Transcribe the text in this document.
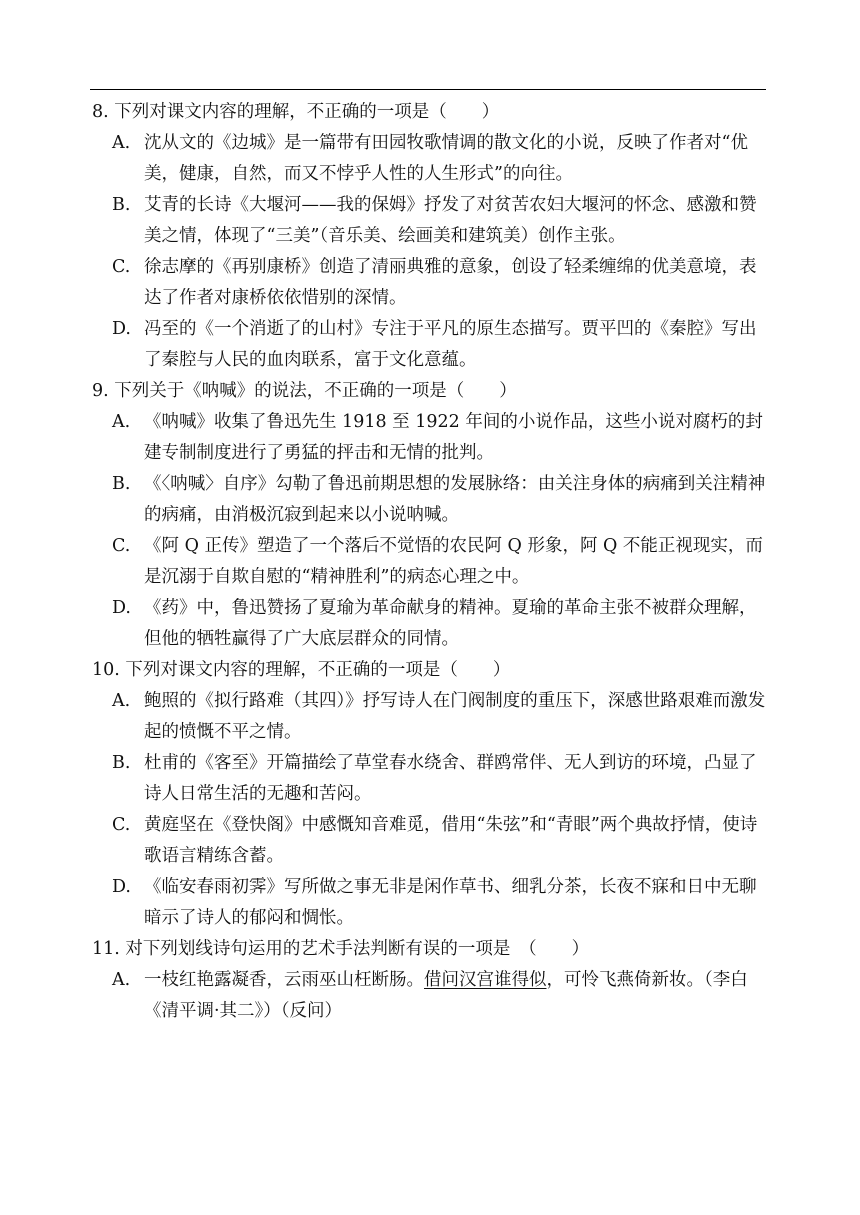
8. 下列对课文内容的理解，不正确的一项是（　　）
A. 沈从文的《边城》是一篇带有田园牧歌情调的散文化的小说，反映了作者对“优美，健康，自然，而又不悖乎人性的人生形式”的向往。
B. 艾青的长诗《大堰河——我的保姆》抒发了对贫苦农妇大堰河的怀念、感激和赞美之情，体现了“三美”（音乐美、绘画美和建筑美）创作主张。
C. 徐志摩的《再别康桥》创造了清丽典雅的意象，创设了轻柔缠绵的优美意境，表达了作者对康桥依依惜别的深情。
D. 冯至的《一个消逝了的山村》专注于平凡的原生态描写。贾平凹的《秦腔》写出了秦腔与人民的血肉联系，富于文化意蕴。
9. 下列关于《呐喊》的说法，不正确的一项是（　　）
A. 《呐喊》收集了鲁迅先生 1918 至 1922 年间的小说作品，这些小说对腐朽的封建专制制度进行了勇猛的抨击和无情的批判。
B. 《〈呐喊〉自序》勾勒了鲁迅前期思想的发展脉络：由关注身体的病痛到关注精神的病痛，由消极沉寂到起来以小说呐喊。
C. 《阿 Q 正传》塑造了一个落后不觉悟的农民阿 Q 形象，阿 Q 不能正视现实，而是沉溺于自欺自慰的“精神胜利”的病态心理之中。
D. 《药》中，鲁迅赞扬了夏瑜为革命献身的精神。夏瑜的革命主张不被群众理解，但他的牺牲赢得了广大底层群众的同情。
10. 下列对课文内容的理解，不正确的一项是（　　）
A. 鲍照的《拟行路难（其四）》抒写诗人在门阀制度的重压下，深感世路艰难而激发起的愤慨不平之情。
B. 杜甫的《客至》开篇描绘了草堂春水绕舍、群鸥常伴、无人到访的环境，凸显了诗人日常生活的无趣和苦闷。
C. 黄庭坚在《登快阁》中感慨知音难觅，借用“朱弦”和“青眼”两个典故抒情，使诗歌语言精练含蓄。
D. 《临安春雨初霁》写所做之事无非是闲作草书、细乳分茶，长夜不寐和日中无聊暗示了诗人的郁闷和惆怅。
11. 对下列划线诗句运用的艺术手法判断有误的一项是　（　　）
A. 一枝红艳露凝香，云雨巫山枉断肠。借问汉宫谁得似，可怜飞燕倚新妆。（李白《清平调·其二》）（反问）
